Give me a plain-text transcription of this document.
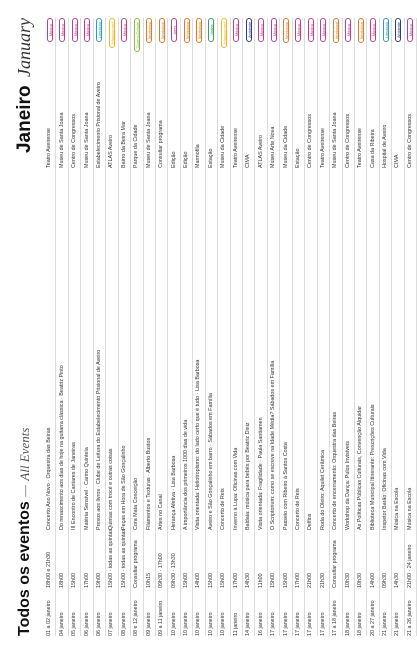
Todos os eventos — All Events
Janeiro January
01 a 02 janeiro
18h00 e 21h30
Concerto Ano Novo · Orquestra das Beiras
Teatro Aveirense
Música
04 janeiro
18h00
Do renascimento aos dias de hoje na guitarra clássica · Beatriz Pinto
Museu de Santa Joana
Música
05 janeiro
15h00
III Encontro de Cantares de Janeiras
Centro de Congressos
Música
06 janeiro
17h00
Matéria Sensível · Carmo Quintela
Museu de Santa Joana
Música
06 janeiro
19h00
Presos aos livros · Clube de Leitura do Estabelecimento Prisional de Aveiro
Estabelecimento Prisional de Aveiro
Literatura
07 janeiro
15h00 · todas as quintas
Quintas com trocé e outras coisas
ATLAS Aveiro
Infantojuvenil
08 janeiro
15h00 · todas as quintas
Peças em Hora de São Gonçalinho
Bairro da Beira Mar
Música
08 e 12 janeiro
Consultar programa
Cora Mata Conceição
Parque da Cidade
Cinema/Debate
09 janeiro
10h15
Filamentos e Texturas · Alberto Bustos
Museu de Santa Joana
Workshop
09 a 11 janeiro
09h30 · 17h00
Artes no Canal
Consultar programa
Workshop
10 janeiro
09h30 · 13h30
Herança Afetiva · Lisa Barbosa
Edição
Artes
10 janeiro
15h00
A importância dos primeiros 1000 dias de vida
Edição
Workshop
10 janeiro
14h00
Visita orientada: Heliotropismo: do lado certo que é tudo · Lisa Barbosa
Marmofila
Workshop
10 janeiro
15h00
Aveiro e São Gonçalinho em barro · Sábados em Família
Estação
Visitas
10 janeiro
15h00
Concerto de Reis
Museu da Cidade
Infantojuvenil
11 janeiro
17h00
Inverno à Lupa: Oficinas com Vida
Teatro Aveirense
Música
14 janeiro
14h30
Baldaia: música para bebés por Beatriz Diniz
CIMA
Ambiente
16 janeiro
11h00
Visita orientada: Fragilidade · Paula Santiamen
ATLAS Aveiro
Música
17 janeiro
15h00
O Scriptorium: como se escreve na Idade Média? Sábados em Família
Museu Arte Nova
Música
17 janeiro
15h00
Passeio com Ribeiro à Santos Costa
Museu da Cidade
Workshop
17 janeiro
17h00
Concerto de Reis
Estação
Música
17 janeiro
21h00
Delfins
Centro de Congressos
Música
17 janeiro
21h30
Roda do Oleiro: Aquilet Cerâmica
Teatro Aveirense
Música
17 a 18 janeiro
Consultar programa
Concerto de encerramento: Orquestra das Beiras
Museu de Santa Joana
Workshop
18 janeiro
10h30
Workshop da Dança: Pulos Invisíveis
Centro de Congressos
Música
18 janeiro
10h30
As Políticas Públicas Culturais, Convenção Alquidar
Teatro Aveirense
Workshop
20 a 27 janeiro
14h00
Biblioteca Municipal Itinerante: Prescrições Culturais
Casa da Ribeira
Música
21 janeiro
09h30
Inspetor Barão: Oficinas com Vida
Hospital de Aveiro
Literatura
21 janeiro
14h30
Música na Escola
CIMA
Ambiente
21 a 26 janeiro
21h00 · 24 janeiro
Música na Escola
Centro de Congressos
Música
